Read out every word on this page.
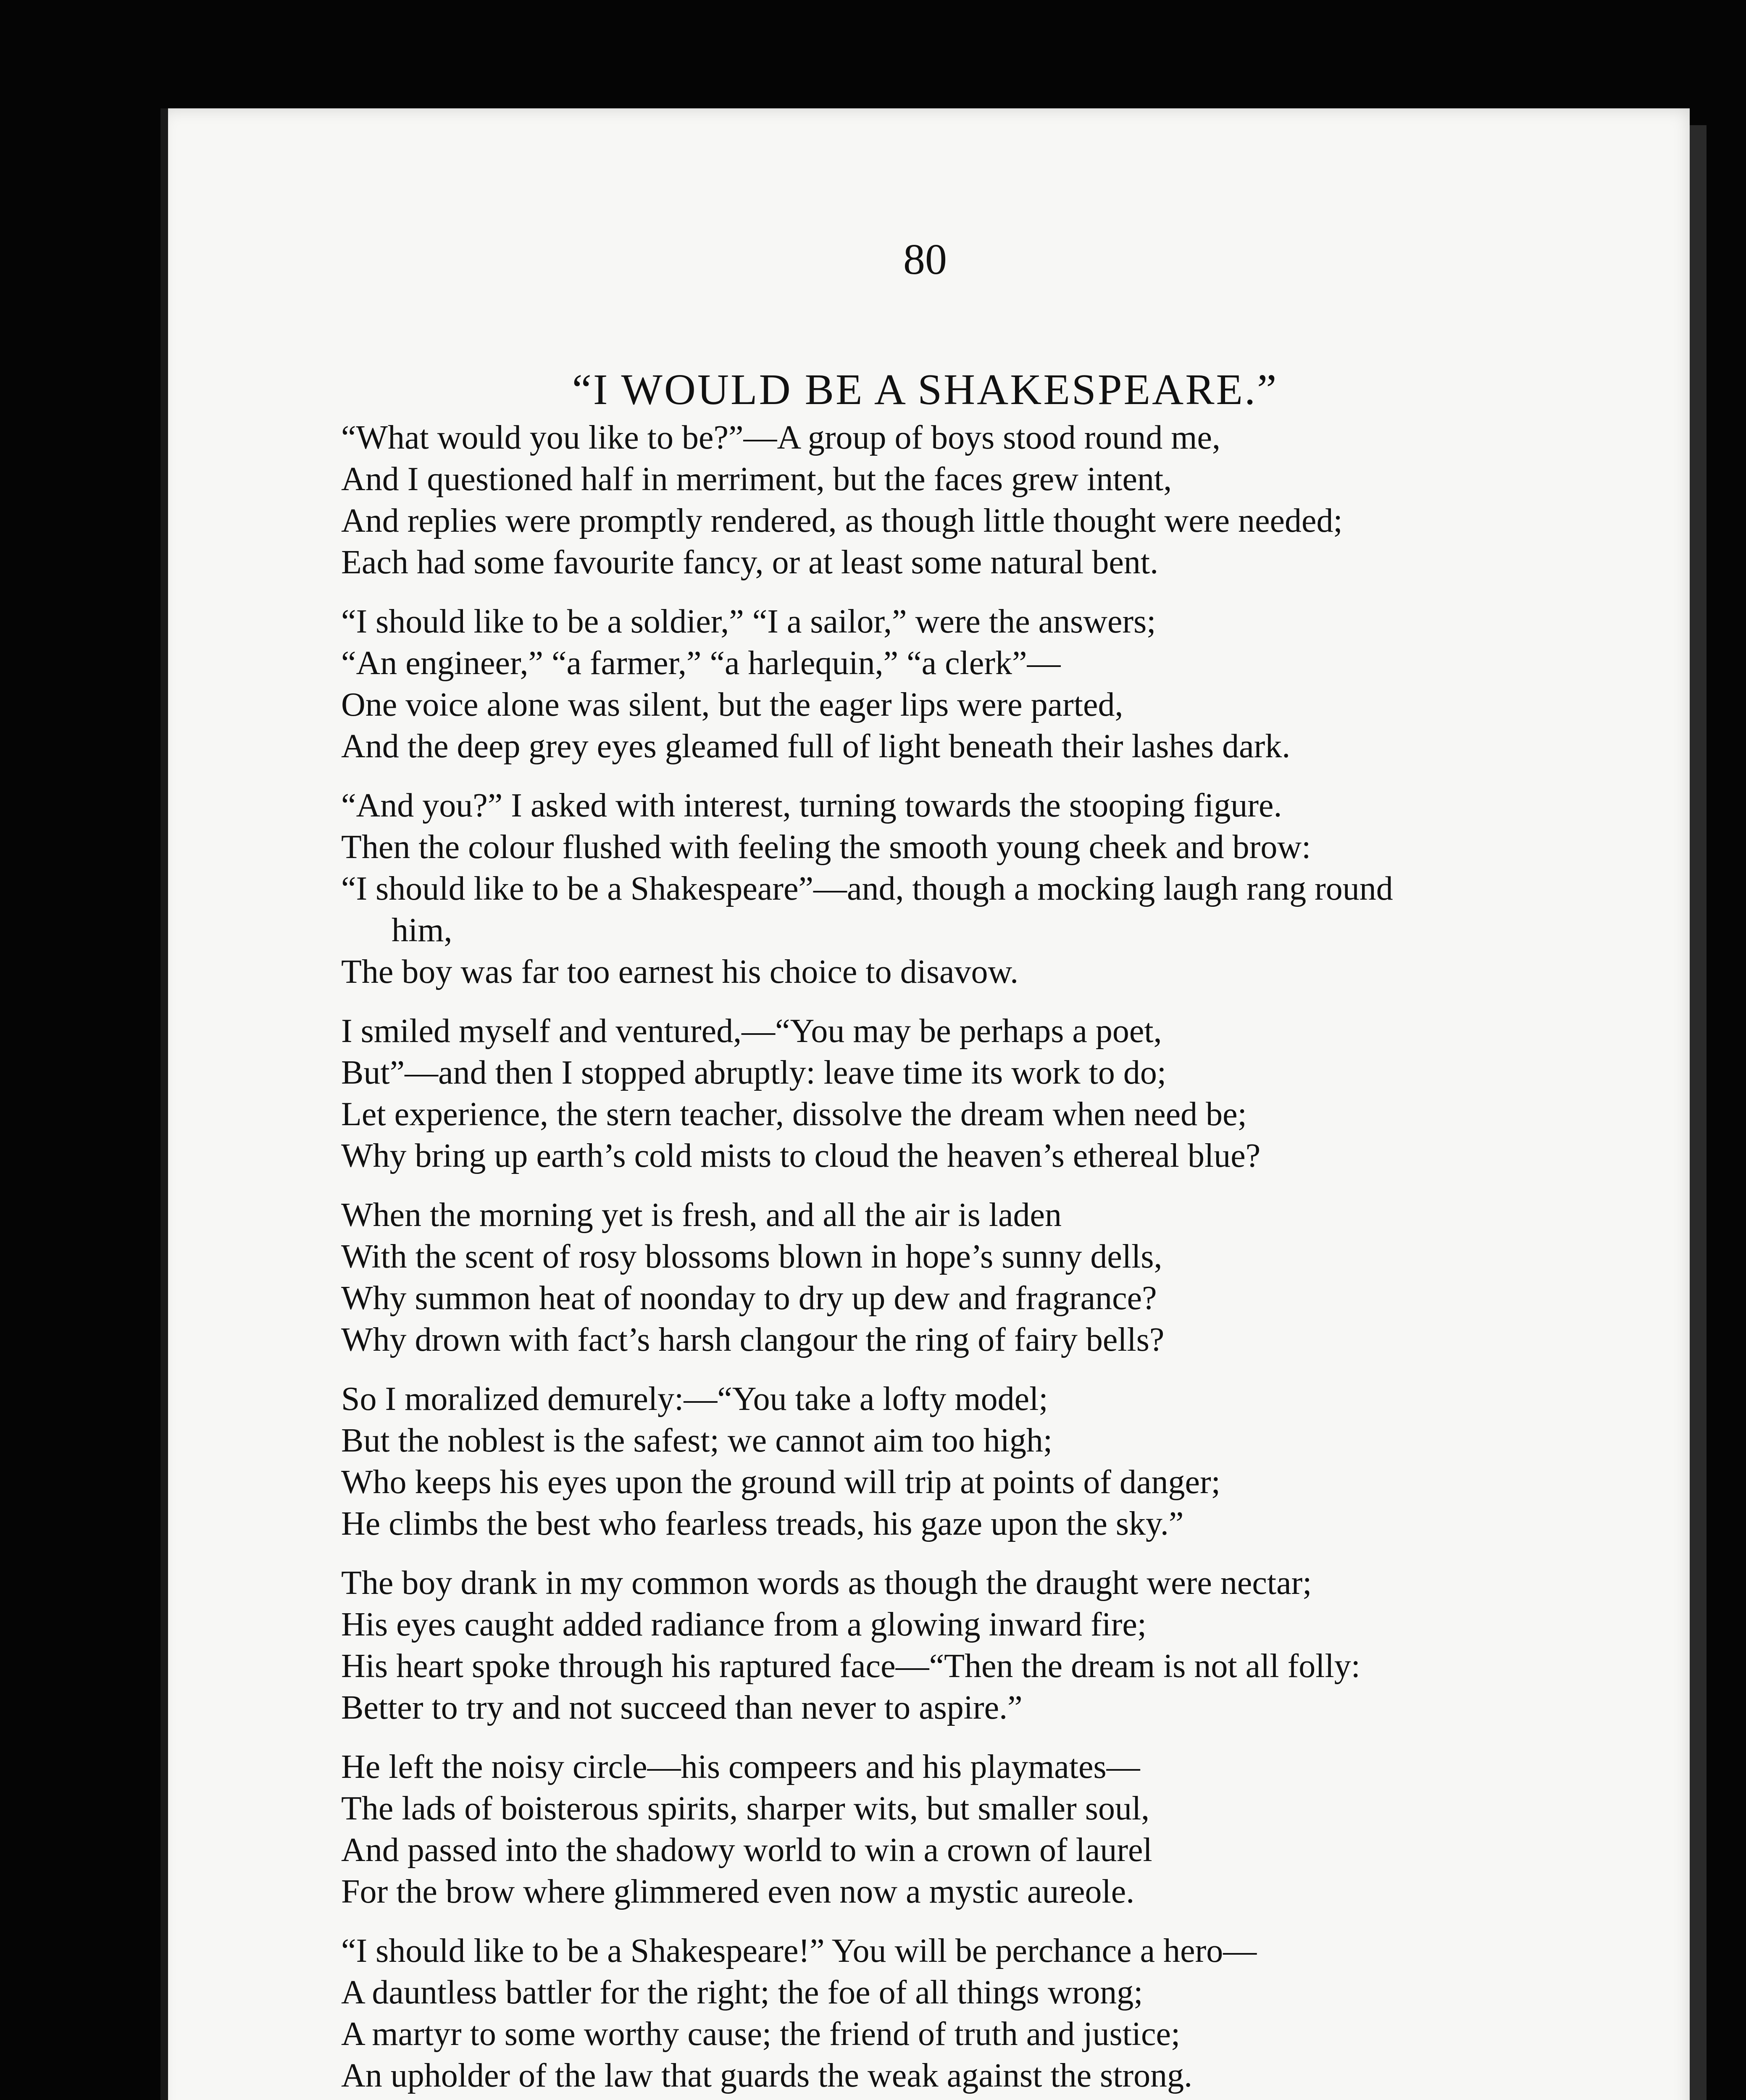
80
“I WOULD BE A SHAKESPEARE.”
“What would you like to be?”—A group of boys stood round me,
And I questioned half in merriment, but the faces grew intent,
And replies were promptly rendered, as though little thought were needed;
Each had some favourite fancy, or at least some natural bent.
“I should like to be a soldier,” “I a sailor,” were the answers;
“An engineer,” “a farmer,” “a harlequin,” “a clerk”—
One voice alone was silent, but the eager lips were parted,
And the deep grey eyes gleamed full of light beneath their lashes dark.
“And you?” I asked with interest, turning towards the stooping figure.
Then the colour flushed with feeling the smooth young cheek and brow:
“I should like to be a Shakespeare”—and, though a mocking laugh rang round
him,
The boy was far too earnest his choice to disavow.
I smiled myself and ventured,—“You may be perhaps a poet,
But”—and then I stopped abruptly: leave time its work to do;
Let experience, the stern teacher, dissolve the dream when need be;
Why bring up earth’s cold mists to cloud the heaven’s ethereal blue?
When the morning yet is fresh, and all the air is laden
With the scent of rosy blossoms blown in hope’s sunny dells,
Why summon heat of noonday to dry up dew and fragrance?
Why drown with fact’s harsh clangour the ring of fairy bells?
So I moralized demurely:—“You take a lofty model;
But the noblest is the safest; we cannot aim too high;
Who keeps his eyes upon the ground will trip at points of danger;
He climbs the best who fearless treads, his gaze upon the sky.”
The boy drank in my common words as though the draught were nectar;
His eyes caught added radiance from a glowing inward fire;
His heart spoke through his raptured face—“Then the dream is not all folly:
Better to try and not succeed than never to aspire.”
He left the noisy circle—his compeers and his playmates—
The lads of boisterous spirits, sharper wits, but smaller soul,
And passed into the shadowy world to win a crown of laurel
For the brow where glimmered even now a mystic aureole.
“I should like to be a Shakespeare!” You will be perchance a hero—
A dauntless battler for the right; the foe of all things wrong;
A martyr to some worthy cause; the friend of truth and justice;
An upholder of the law that guards the weak against the strong.
